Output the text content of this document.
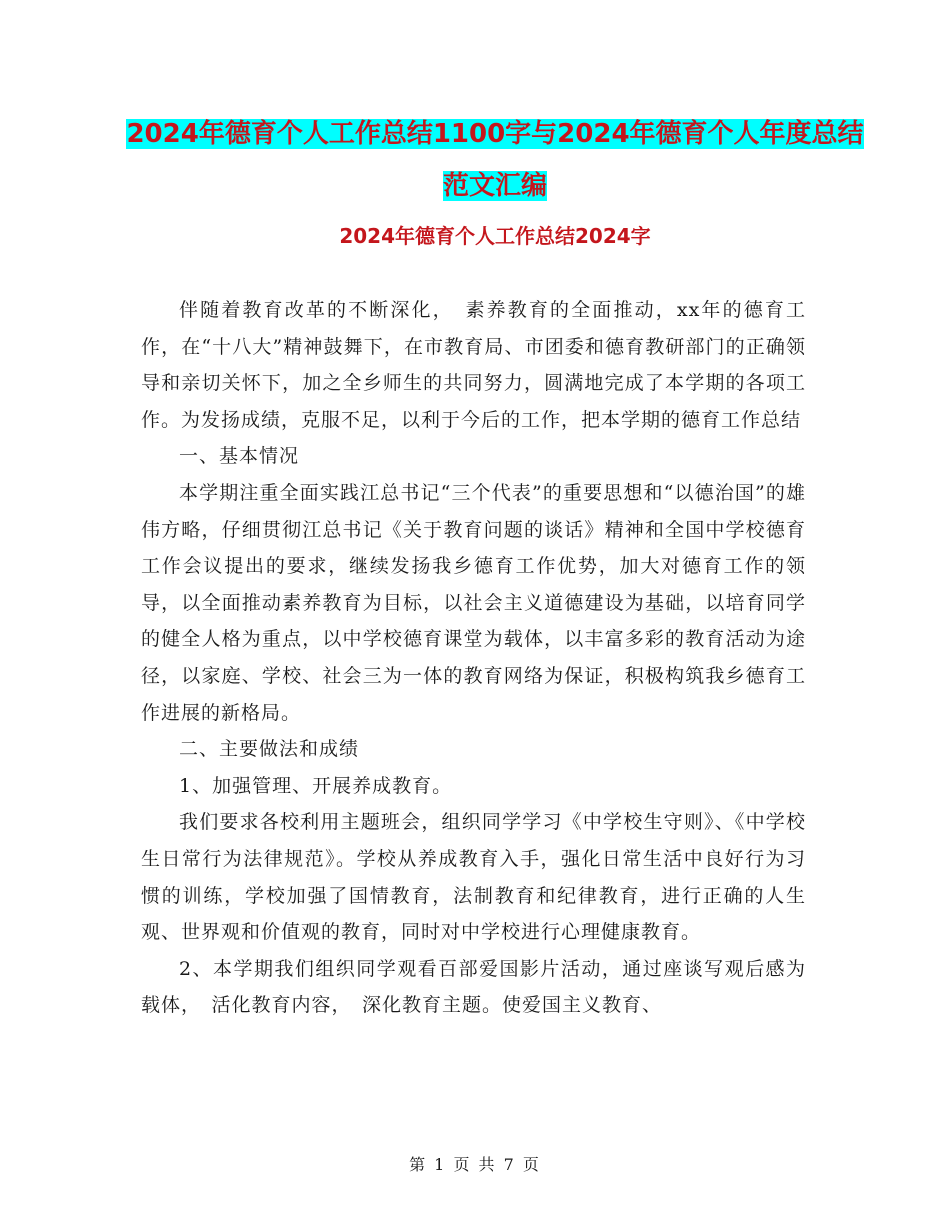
2024年德育个人工作总结1100字与2024年德育个人年度总结范文汇编
2024年德育个人工作总结2024字

伴随着教育改革的不断深化，　素养教育的全面推动，xx年的德育工作，在“十八大”精神鼓舞下，在市教育局、市团委和德育教研部门的正确领导和亲切关怀下，加之全乡师生的共同努力，圆满地完成了本学期的各项工作。为发扬成绩，克服不足，以利于今后的工作，把本学期的德育工作总结

一、基本情况

本学期注重全面实践江总书记“三个代表”的重要思想和“以德治国”的雄伟方略，仔细贯彻江总书记《关于教育问题的谈话》精神和全国中学校德育工作会议提出的要求，继续发扬我乡德育工作优势，加大对德育工作的领导，以全面推动素养教育为目标，以社会主义道德建设为基础，以培育同学的健全人格为重点，以中学校德育课堂为载体，以丰富多彩的教育活动为途径，以家庭、学校、社会三为一体的教育网络为保证，积极构筑我乡德育工作进展的新格局。

二、主要做法和成绩

1、加强管理、开展养成教育。

我们要求各校利用主题班会，组织同学学习《中学校生守则》、《中学校生日常行为法律规范》。学校从养成教育入手，强化日常生活中良好行为习惯的训练，学校加强了国情教育，法制教育和纪律教育，进行正确的人生观、世界观和价值观的教育，同时对中学校进行心理健康教育。

2、本学期我们组织同学观看百部爱国影片活动，通过座谈写观后感为载体，　活化教育内容，　深化教育主题。使爱国主义教育、

第 1 页 共 7 页
